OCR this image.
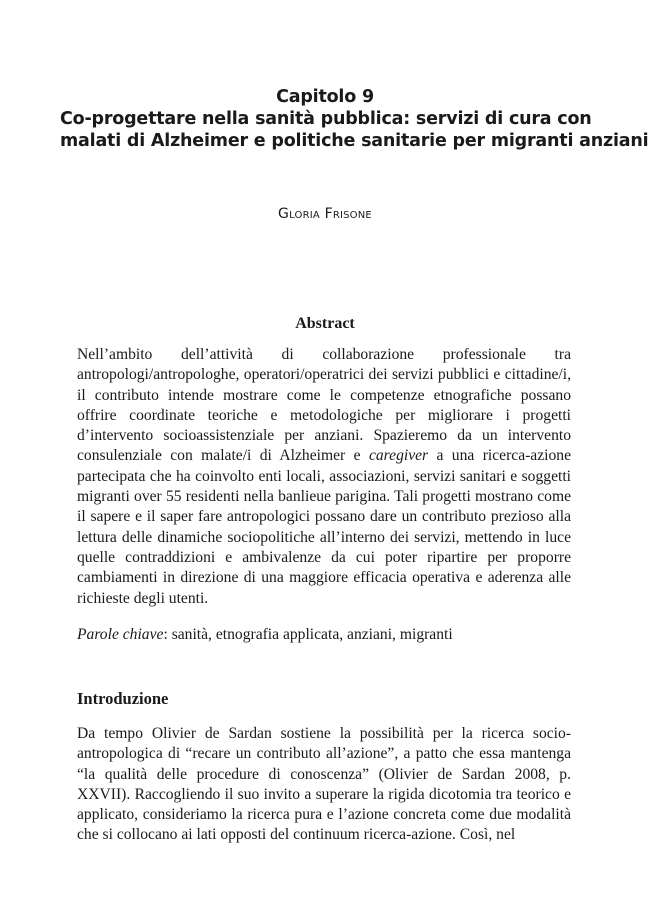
Capitolo 9
Co-progettare nella sanità pubblica: servizi di cura con
malati di Alzheimer e politiche sanitarie per migranti anziani
Gloria Frisone
Abstract

Nell’ambito dell’attività di collaborazione professionale tra antropologi/antropologhe, operatori/operatrici dei servizi pubblici e cittadine/i, il contributo intende mostrare come le competenze etnografiche possano offrire coordinate teoriche e metodologiche per migliorare i progetti d’intervento socioassistenziale per anziani. Spazieremo da un intervento consulenziale con malate/i di Alzheimer e caregiver a una ricerca-azione partecipata che ha coinvolto enti locali, associazioni, servizi sanitari e soggetti migranti over 55 residenti nella banlieue parigina. Tali progetti mostrano come il sapere e il saper fare antropologici possano dare un contributo prezioso alla lettura delle dinamiche sociopolitiche all’interno dei servizi, mettendo in luce quelle contraddizioni e ambivalenze da cui poter ripartire per proporre cambiamenti in direzione di una maggiore efficacia operativa e aderenza alle richieste degli utenti.

Parole chiave: sanità, etnografia applicata, anziani, migranti
Introduzione

Da tempo Olivier de Sardan sostiene la possibilità per la ricerca socio-antropologica di “recare un contributo all’azione”, a patto che essa mantenga “la qualità delle procedure di conoscenza” (Olivier de Sardan 2008, p. XXVII). Raccogliendo il suo invito a superare la rigida dicotomia tra teorico e applicato, consideriamo la ricerca pura e l’azione concreta come due modalità che si collocano ai lati opposti del continuum ricerca-azione. Così, nel
